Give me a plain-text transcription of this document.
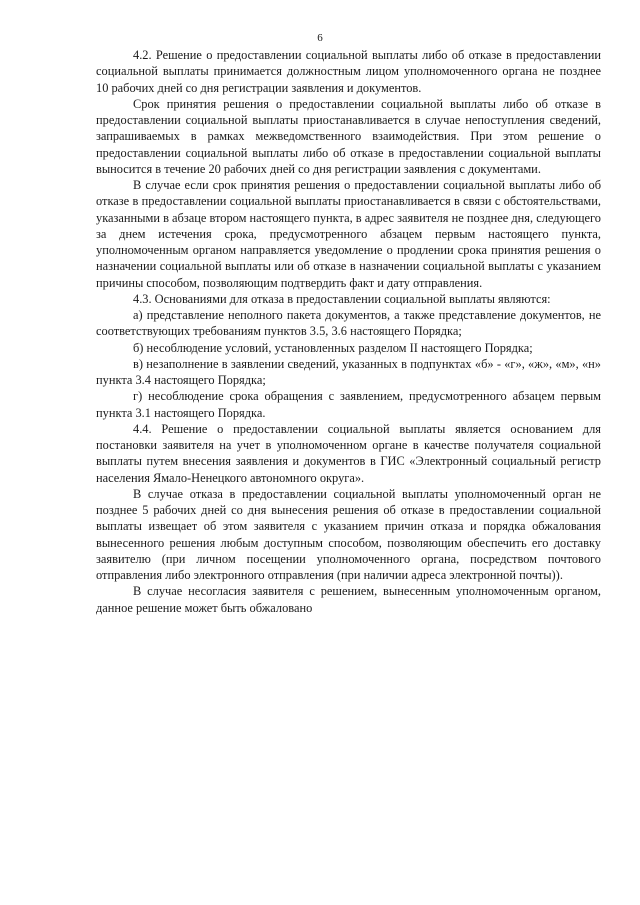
6

4.2. Решение о предоставлении социальной выплаты либо об отказе в предоставлении социальной выплаты принимается должностным лицом уполномоченного органа не позднее 10 рабочих дней со дня регистрации заявления и документов.

Срок принятия решения о предоставлении социальной выплаты либо об отказе в предоставлении социальной выплаты приостанавливается в случае непоступления сведений, запрашиваемых в рамках межведомственного взаимодействия. При этом решение о предоставлении социальной выплаты либо об отказе в предоставлении социальной выплаты выносится в течение 20 рабочих дней со дня регистрации заявления с документами.

В случае если срок принятия решения о предоставлении социальной выплаты либо об отказе в предоставлении социальной выплаты приостанавливается в связи с обстоятельствами, указанными в абзаце втором настоящего пункта, в адрес заявителя не позднее дня, следующего за днем истечения срока, предусмотренного абзацем первым настоящего пункта, уполномоченным органом направляется уведомление о продлении срока принятия решения о назначении социальной выплаты или об отказе в назначении социальной выплаты с указанием причины способом, позволяющим подтвердить факт и дату отправления.

4.3. Основаниями для отказа в предоставлении социальной выплаты являются:

а) представление неполного пакета документов, а также представление документов, не соответствующих требованиям пунктов 3.5, 3.6 настоящего Порядка;

б) несоблюдение условий, установленных разделом II настоящего Порядка;

в) незаполнение в заявлении сведений, указанных в подпунктах «б» - «г», «ж», «м», «н» пункта 3.4 настоящего Порядка;

г) несоблюдение срока обращения с заявлением, предусмотренного абзацем первым пункта 3.1 настоящего Порядка.

4.4. Решение о предоставлении социальной выплаты является основанием для постановки заявителя на учет в уполномоченном органе в качестве получателя социальной выплаты путем внесения заявления и документов в ГИС «Электронный социальный регистр населения Ямало-Ненецкого автономного округа».

В случае отказа в предоставлении социальной выплаты уполномоченный орган не позднее 5 рабочих дней со дня вынесения решения об отказе в предоставлении социальной выплаты извещает об этом заявителя с указанием причин отказа и порядка обжалования вынесенного решения любым доступным способом, позволяющим обеспечить его доставку заявителю (при личном посещении уполномоченного органа, посредством почтового отправления либо электронного отправления (при наличии адреса электронной почты)).

В случае несогласия заявителя с решением, вынесенным уполномоченным органом, данное решение может быть обжаловано
